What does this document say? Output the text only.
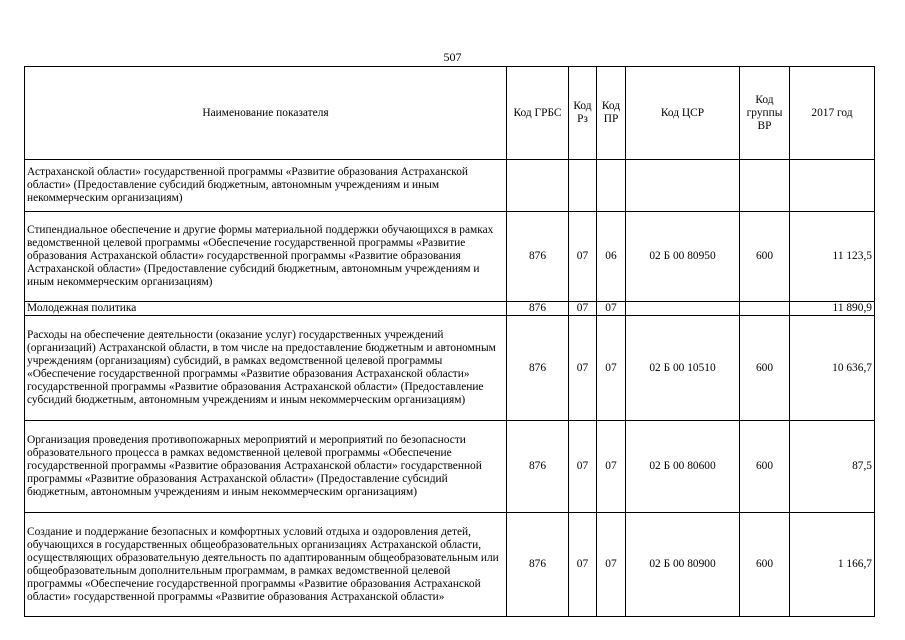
507
Наименование показателя	Код ГРБС	Код Рз	Код ПР	Код ЦСР	Код группы ВР	2017 год
Астраханской области» государственной программы «Развитие образования Астраханской области» (Предоставление субсидий бюджетным, автономным учреждениям и иным некоммерческим организациям)						
Стипендиальное обеспечение и другие формы материальной поддержки обучающихся в рамках ведомственной целевой программы «Обеспечение государственной программы «Развитие образования Астраханской области» государственной программы «Развитие образования Астраханской области» (Предоставление субсидий бюджетным, автономным учреждениям и иным некоммерческим организациям)	876	07	06	02 Б 00 80950	600	11 123,5
Молодежная политика	876	07	07			11 890,9
Расходы на обеспечение деятельности (оказание услуг) государственных учреждений (организаций) Астраханской области, в том числе на предоставление бюджетным и автономным учреждениям (организациям) субсидий, в рамках ведомственной целевой программы «Обеспечение государственной программы «Развитие образования Астраханской области» государственной программы «Развитие образования Астраханской области» (Предоставление субсидий бюджетным, автономным учреждениям и иным некоммерческим организациям)	876	07	07	02 Б 00 10510	600	10 636,7
Организация проведения противопожарных мероприятий и мероприятий по безопасности образовательного процесса в рамках ведомственной целевой программы «Обеспечение государственной программы «Развитие образования Астраханской области» государственной программы «Развитие образования Астраханской области» (Предоставление субсидий бюджетным, автономным учреждениям и иным некоммерческим организациям)	876	07	07	02 Б 00 80600	600	87,5
Создание и поддержание безопасных и комфортных условий отдыха и оздоровления детей, обучающихся в государственных общеобразовательных организациях Астраханской области, осуществляющих образовательную деятельность по адаптированным общеобразовательным или общеобразовательным дополнительным программам, в рамках ведомственной целевой программы «Обеспечение государственной программы «Развитие образования Астраханской области» государственной программы «Развитие образования Астраханской области»	876	07	07	02 Б 00 80900	600	1 166,7
